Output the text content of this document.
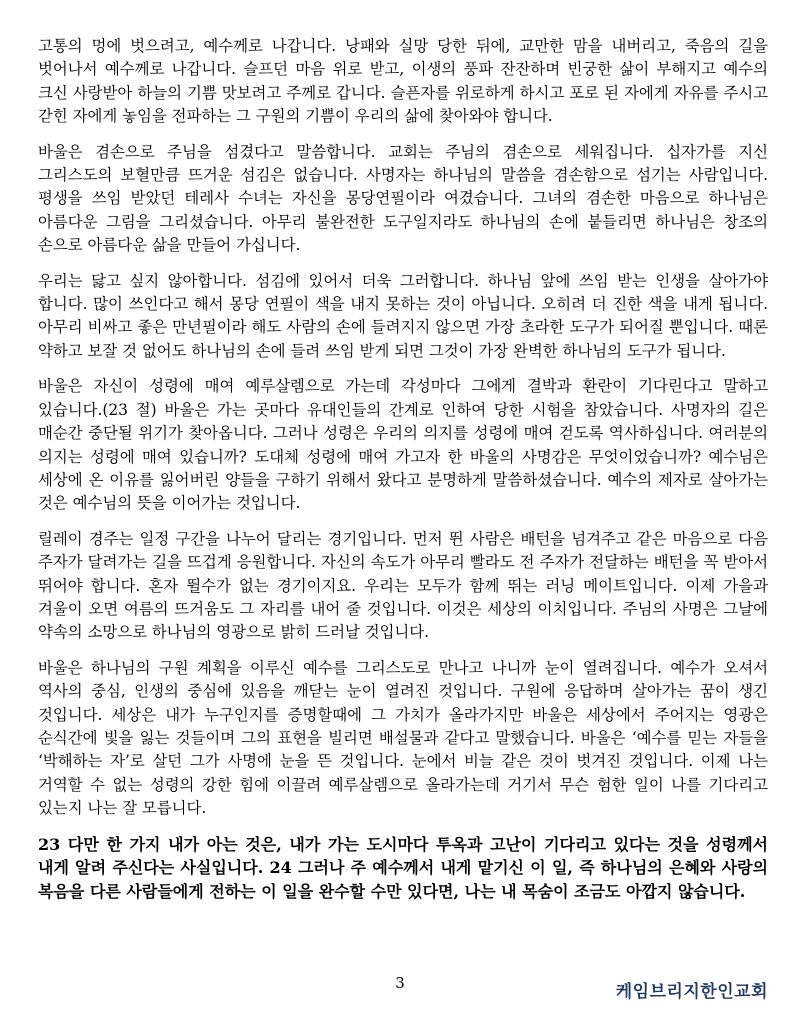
고통의 멍에 벗으려고, 예수께로 나갑니다. 낭패와 실망 당한 뒤에, 교만한 맘을 내버리고, 죽음의 길을 벗어나서 예수께로 나갑니다. 슬프던 마음 위로 받고, 이생의 풍파 잔잔하며 빈궁한 삶이 부해지고 예수의 크신 사랑받아 하늘의 기쁨 맛보려고 주께로 갑니다. 슬픈자를 위로하게 하시고 포로 된 자에게 자유를 주시고 갇힌 자에게 놓임을 전파하는 그 구원의 기쁨이 우리의 삶에 찾아와야 합니다.

바울은 겸손으로 주님을 섬겼다고 말씀합니다. 교회는 주님의 겸손으로 세워집니다. 십자가를 지신 그리스도의 보혈만큼 뜨거운 섬김은 없습니다. 사명자는 하나님의 말씀을 겸손함으로 섬기는 사람입니다. 평생을 쓰임 받았던 테레사 수녀는 자신을 몽당연필이라 여겼습니다. 그녀의 겸손한 마음으로 하나님은 아름다운 그림을 그리셨습니다. 아무리 불완전한 도구일지라도 하나님의 손에 붙들리면 하나님은 창조의 손으로 아름다운 삶을 만들어 가십니다.

우리는 닳고 싶지 않아합니다. 섬김에 있어서 더욱 그러합니다. 하나님 앞에 쓰임 받는 인생을 살아가야 합니다. 많이 쓰인다고 해서 몽당 연필이 색을 내지 못하는 것이 아닙니다. 오히려 더 진한 색을 내게 됩니다. 아무리 비싸고 좋은 만년필이라 해도 사람의 손에 들려지지 않으면 가장 초라한 도구가 되어질 뿐입니다. 때론 약하고 보잘 것 없어도 하나님의 손에 들려 쓰임 받게 되면 그것이 가장 완벽한 하나님의 도구가 됩니다.

바울은 자신이 성령에 매여 예루살렘으로 가는데 각성마다 그에게 결박과 환란이 기다린다고 말하고 있습니다.(23 절) 바울은 가는 곳마다 유대인들의 간계로 인하여 당한 시험을 참았습니다. 사명자의 길은 매순간 중단될 위기가 찾아옵니다. 그러나 성령은 우리의 의지를 성령에 매여 걷도록 역사하십니다. 여러분의 의지는 성령에 매여 있습니까? 도대체 성령에 매여 가고자 한 바울의 사명감은 무엇이었습니까? 예수님은 세상에 온 이유를 잃어버린 양들을 구하기 위해서 왔다고 분명하게 말씀하셨습니다. 예수의 제자로 살아가는 것은 예수님의 뜻을 이어가는 것입니다.

릴레이 경주는 일정 구간을 나누어 달리는 경기입니다. 먼저 뛴 사람은 배턴을 넘겨주고 같은 마음으로 다음 주자가 달려가는 길을 뜨겁게 응원합니다. 자신의 속도가 아무리 빨라도 전 주자가 전달하는 배턴을 꼭 받아서 뛰어야 합니다. 혼자 뛸수가 없는 경기이지요. 우리는 모두가 함께 뛰는 러닝 메이트입니다. 이제 가을과 겨울이 오면 여름의 뜨거움도 그 자리를 내어 줄 것입니다. 이것은 세상의 이치입니다. 주님의 사명은 그날에 약속의 소망으로 하나님의 영광으로 밝히 드러날 것입니다.

바울은 하나님의 구원 계획을 이루신 예수를 그리스도로 만나고 나니까 눈이 열려집니다. 예수가 오셔서 역사의 중심, 인생의 중심에 있음을 깨닫는 눈이 열려진 것입니다. 구원에 응답하며 살아가는 꿈이 생긴 것입니다. 세상은 내가 누구인지를 증명할때에 그 가치가 올라가지만 바울은 세상에서 주어지는 영광은 순식간에 빛을 잃는 것들이며 그의 표현을 빌리면 배설물과 같다고 말했습니다. 바울은 ‘예수를 믿는 자들을 ‘박해하는 자’로 살던 그가 사명에 눈을 뜬 것입니다. 눈에서 비늘 같은 것이 벗겨진 것입니다. 이제 나는 거역할 수 없는 성령의 강한 힘에 이끌려 예루살렘으로 올라가는데 거기서 무슨 험한 일이 나를 기다리고 있는지 나는 잘 모릅니다.

23 다만 한 가지 내가 아는 것은, 내가 가는 도시마다 투옥과 고난이 기다리고 있다는 것을 성령께서 내게 알려 주신다는 사실입니다. 24 그러나 주 예수께서 내게 맡기신 이 일, 즉 하나님의 은혜와 사랑의 복음을 다른 사람들에게 전하는 이 일을 완수할 수만 있다면, 나는 내 목숨이 조금도 아깝지 않습니다.

3	케임브리지한인교회
